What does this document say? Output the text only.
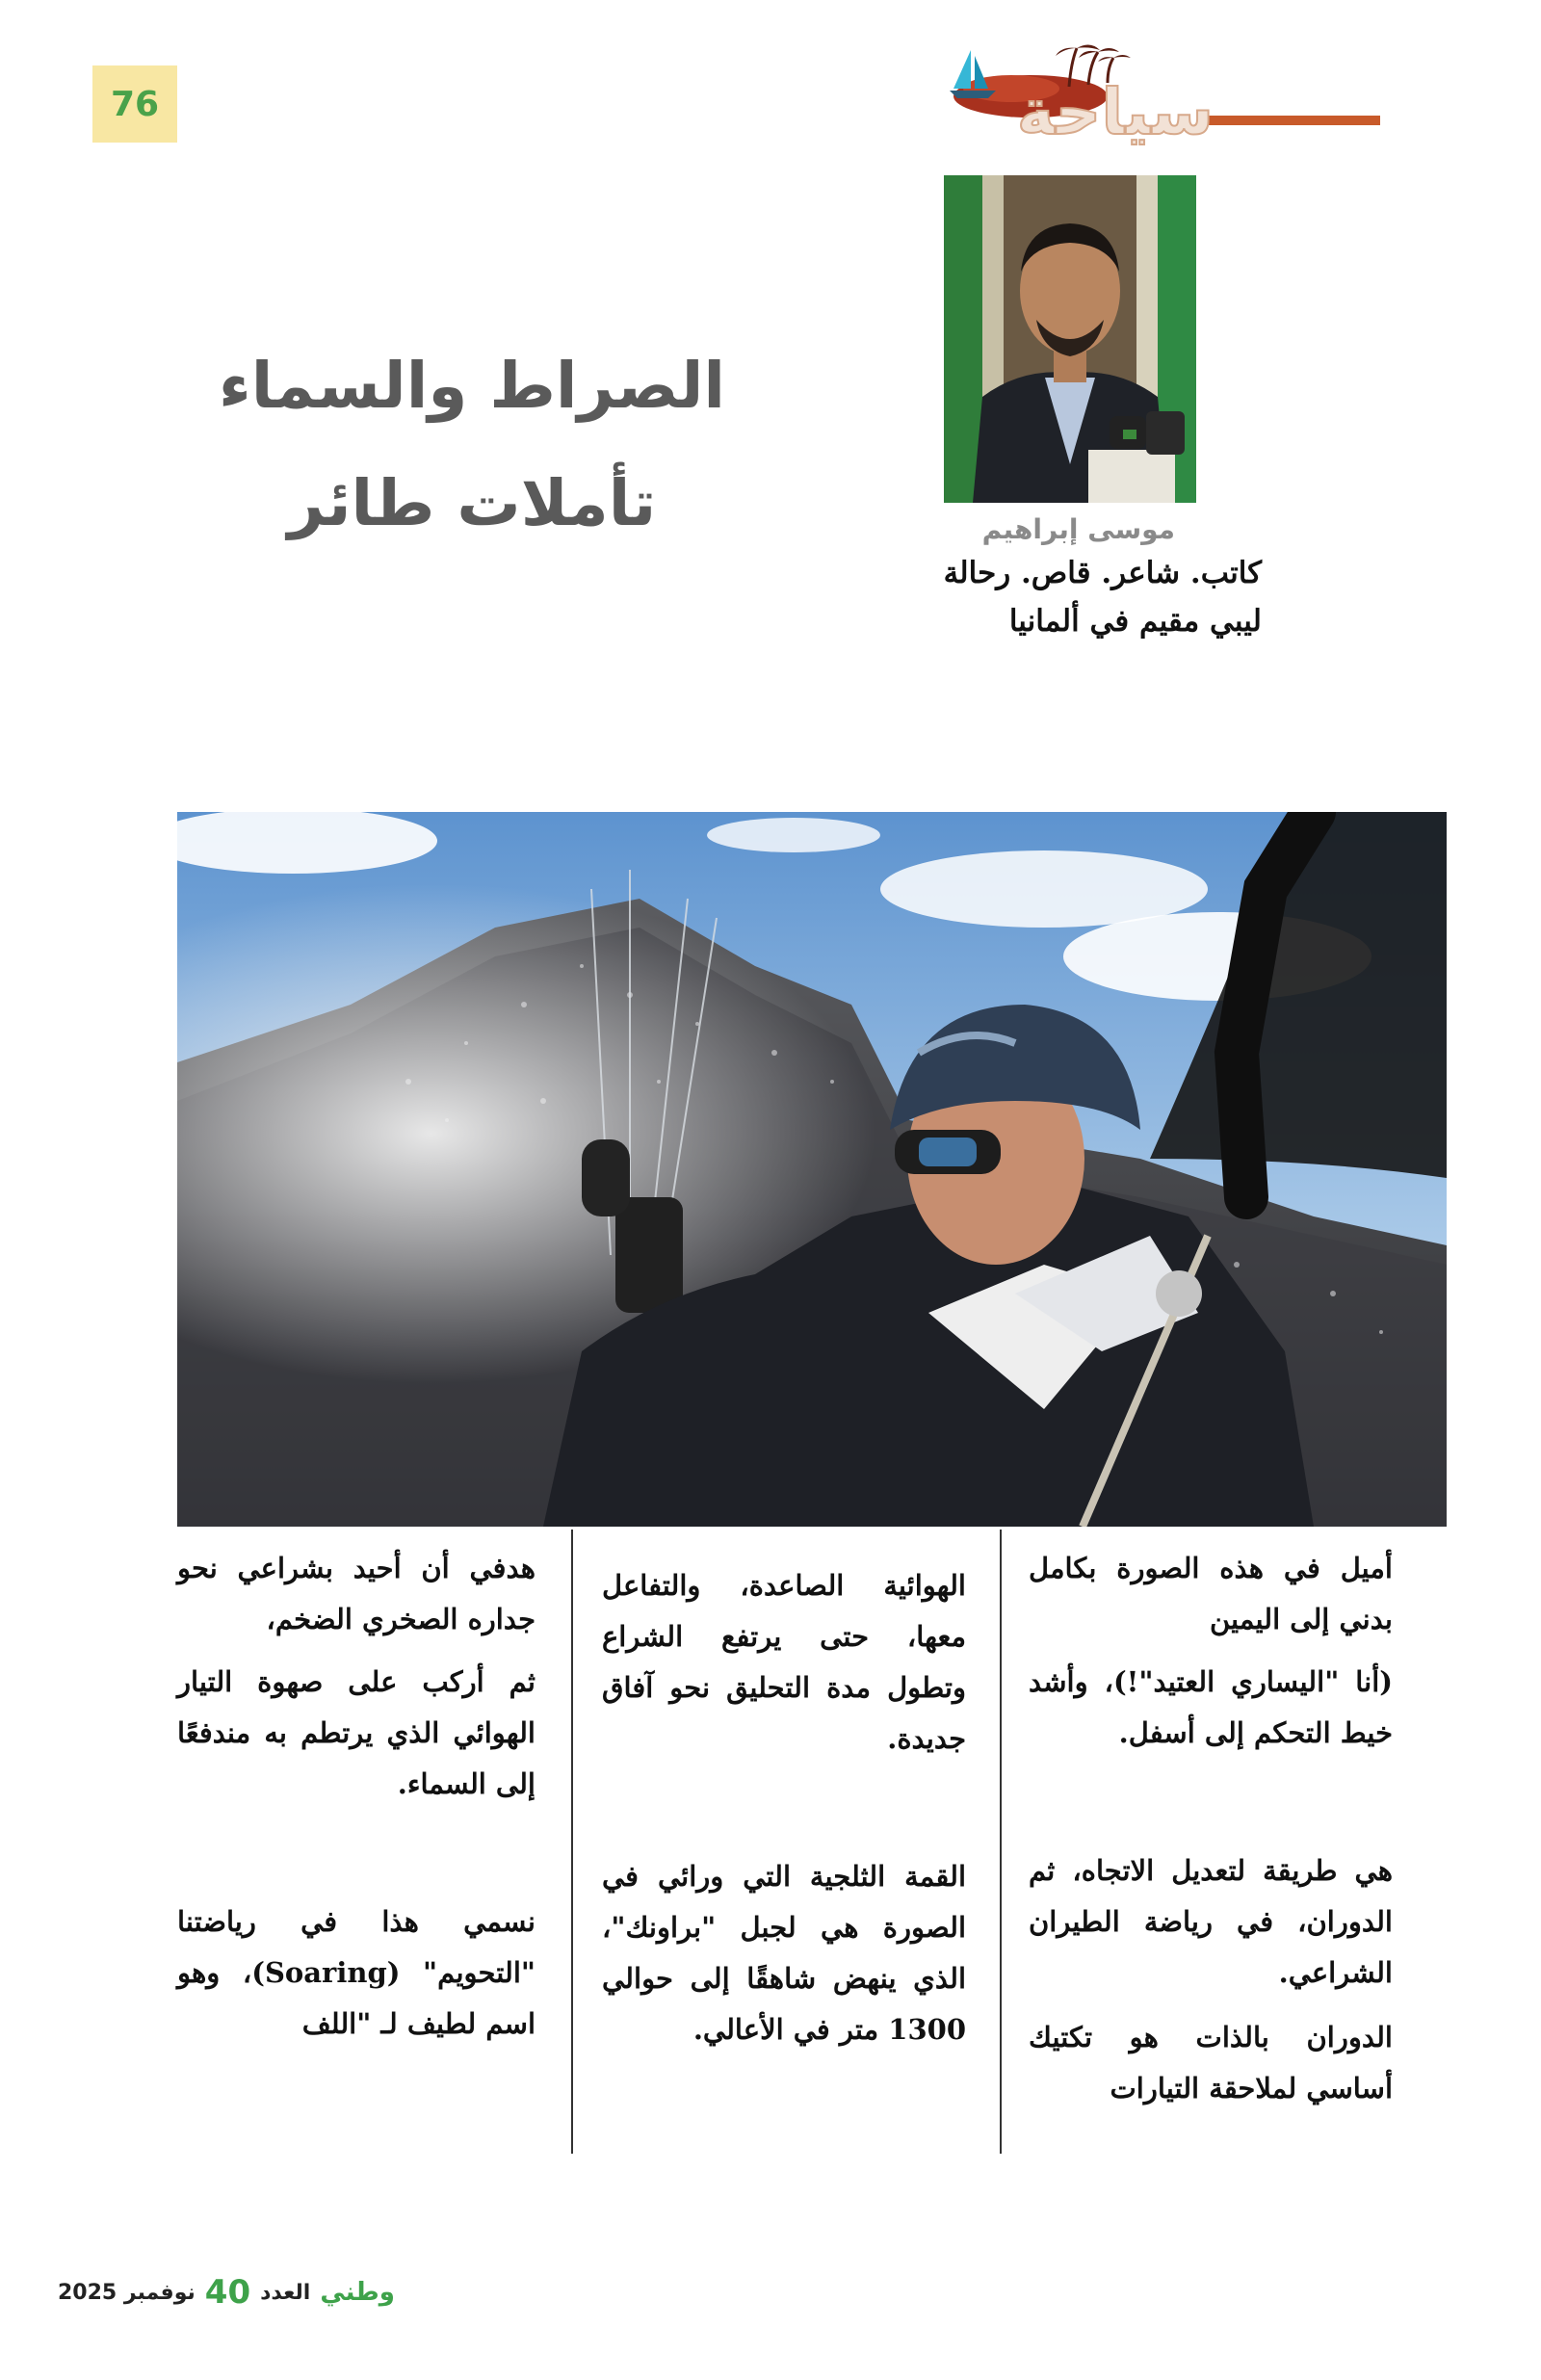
76	سياحة
الصراط والسماء
تأملات طائر	موسى إبراهيم
كاتب. شاعر. قاص. رحالة
ليبي مقيم في ألمانيا

أميل في هذه الصورة بكامل بدني إلى اليمين

(أنا "اليساري العتيد"!)، وأشد خيط التحكم إلى أسفل.

هي طريقة لتعديل الاتجاه، ثم الدوران، في رياضة الطيران الشراعي.

الدوران بالذات هو تكتيك أساسي لملاحقة التيارات

الهوائية الصاعدة، والتفاعل معها، حتى يرتفع الشراع وتطول مدة التحليق نحو آفاق جديدة.

القمة الثلجية التي ورائي في الصورة هي لجبل "براونك"، الذي ينهض شاهقًا إلى حوالي 1300 متر في الأعالي.

هدفي أن أحيد بشراعي نحو جداره الصخري الضخم،

ثم أركب على صهوة التيار الهوائي الذي يرتطم به مندفعًا إلى السماء.

نسمي هذا في رياضتنا "التحويم" (Soaring)، وهو اسم لطيف لـ "اللف

وطني
العدد
40
نوفمبر 2025
